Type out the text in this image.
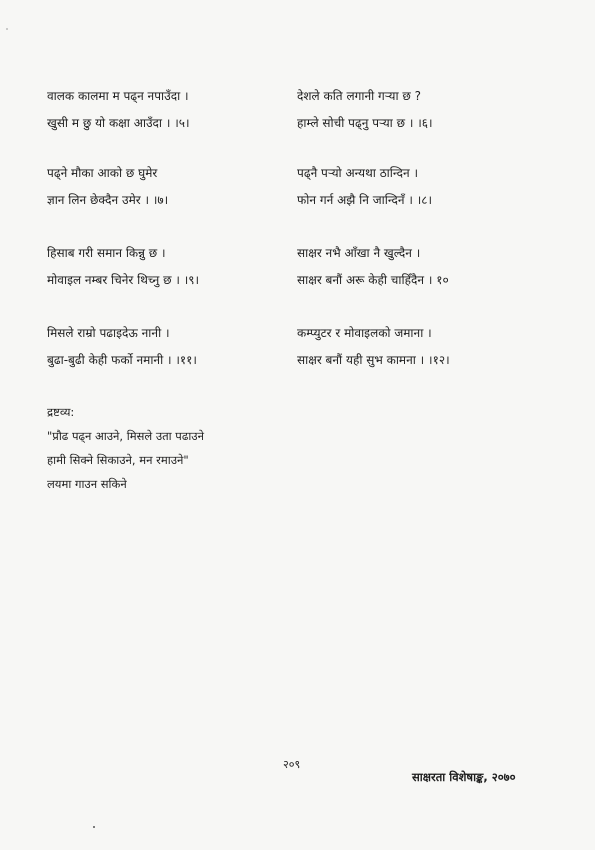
वालक कालमा म पढ्न नपाउँदा ।
खुसी म छु यो कक्षा आउँदा । ।५।
देशले कति लगानी गऱ्या छ ?
हाम्ले सोची पढ्नु पऱ्या छ । ।६।
पढ्ने मौका आको छ घुमेर
ज्ञान लिन छेक्दैन उमेर । ।७।
पढ्नै पऱ्यो अन्यथा ठान्दिन ।
फोन गर्न अझै नि जान्दिनँ । ।८।
हिसाब गरी समान किन्नु छ ।
मोवाइल नम्बर चिनेर थिच्नु छ । ।९।
साक्षर नभै आँखा नै खुल्दैन ।
साक्षर बनौं अरू केही चाहिँदैन । १०
मिसले राम्रो पढाइदेऊ नानी ।
बुढा-बुढी केही फर्को नमानी । ।११।
कम्प्युटर र मोवाइलको जमाना ।
साक्षर बनौं यही सुभ कामना । ।१२।
द्रष्टव्य:
"प्रौढ पढ्न आउने, मिसले उता पढाउने
हामी सिक्ने सिकाउने, मन रमाउने"
लयमा गाउन सकिने
२०९
साक्षरता विशेषाङ्क, २०७०
